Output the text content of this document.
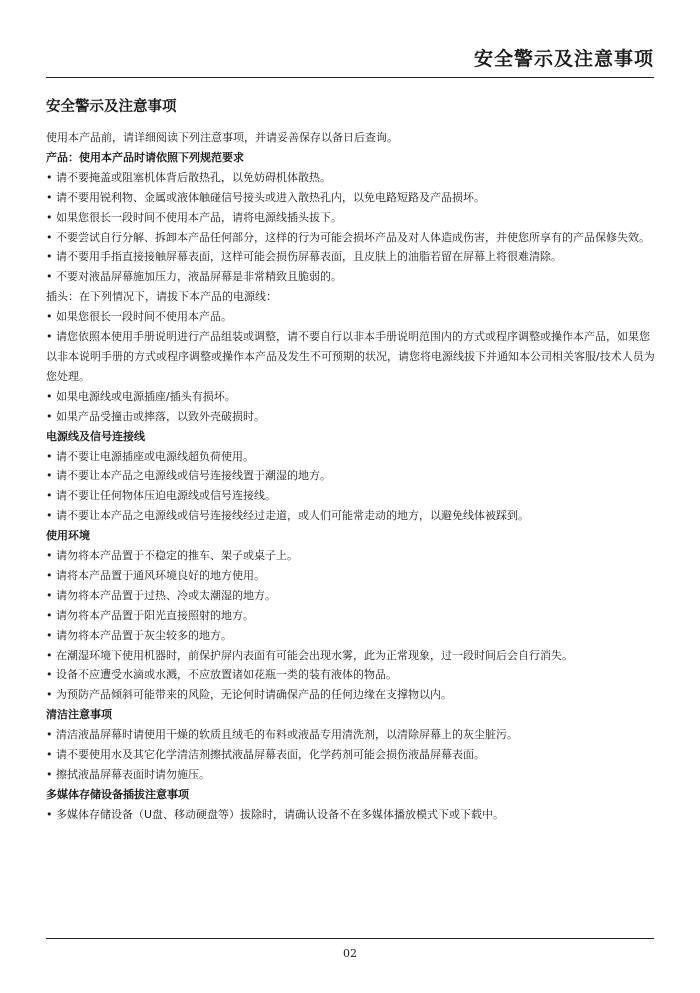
安全警示及注意事项
安全警示及注意事项

使用本产品前，请详细阅读下列注意事项，并请妥善保存以备日后查询。

产品：使用本产品时请依照下列规范要求

• 请不要掩盖或阻塞机体背后散热孔，以免妨碍机体散热。

• 请不要用锐利物、金属或液体触碰信号接头或进入散热孔内，以免电路短路及产品损坏。

• 如果您很长一段时间不使用本产品，请将电源线插头拔下。

• 不要尝试自行分解、拆卸本产品任何部分，这样的行为可能会损坏产品及对人体造成伤害，并使您所享有的产品保修失效。

• 请不要用手指直接接触屏幕表面，这样可能会损伤屏幕表面，且皮肤上的油脂若留在屏幕上将很难清除。

• 不要对液晶屏幕施加压力，液晶屏幕是非常精致且脆弱的。

插头：在下列情况下，请拔下本产品的电源线：

• 如果您很长一段时间不使用本产品。

• 请您依照本使用手册说明进行产品组装或调整，请不要自行以非本手册说明范围内的方式或程序调整或操作本产品，如果您以非本说明手册的方式或程序调整或操作本产品及发生不可预期的状况，请您将电源线拔下并通知本公司相关客服/技术人员为您处理。

• 如果电源线或电源插座/插头有损坏。

• 如果产品受撞击或摔落，以致外壳破损时。

电源线及信号连接线

• 请不要让电源插座或电源线超负荷使用。

• 请不要让本产品之电源线或信号连接线置于潮湿的地方。

• 请不要让任何物体压迫电源线或信号连接线。

• 请不要让本产品之电源线或信号连接线经过走道，或人们可能常走动的地方，以避免线体被踩到。

使用环境

• 请勿将本产品置于不稳定的推车、架子或桌子上。

• 请将本产品置于通风环境良好的地方使用。

• 请勿将本产品置于过热、冷或太潮湿的地方。

• 请勿将本产品置于阳光直接照射的地方。

• 请勿将本产品置于灰尘较多的地方。

• 在潮湿环境下使用机器时，前保护屏内表面有可能会出现水雾，此为正常现象，过一段时间后会自行消失。

• 设备不应遭受水滴或水溅，不应放置诸如花瓶一类的装有液体的物品。

• 为预防产品倾斜可能带来的风险，无论何时请确保产品的任何边缘在支撑物以内。

清洁注意事项

• 清洁液晶屏幕时请使用干燥的软质且绒毛的布料或液晶专用清洗剂，以清除屏幕上的灰尘脏污。

• 请不要使用水及其它化学清洁剂擦拭液晶屏幕表面，化学药剂可能会损伤液晶屏幕表面。

• 擦拭液晶屏幕表面时请勿施压。

多媒体存储设备插拔注意事项

• 多媒体存储设备（U盘、移动硬盘等）拔除时，请确认设备不在多媒体播放模式下或下载中。

02
